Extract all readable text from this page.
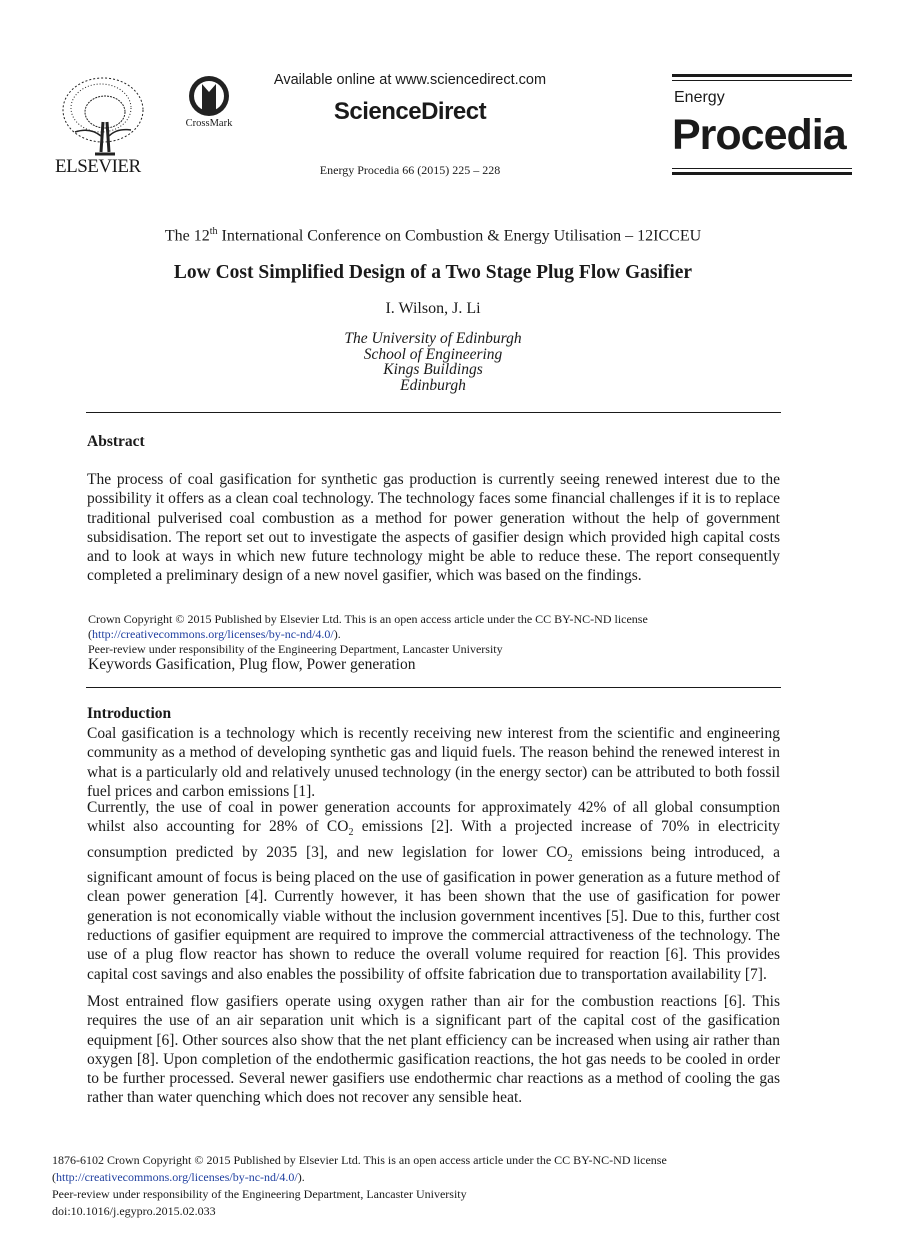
ELSEVIER
CrossMark
Available online at www.sciencedirect.com
ScienceDirect
Energy Procedia 66 (2015) 225 – 228
Energy
Procedia
The 12th International Conference on Combustion & Energy Utilisation – 12ICCEU
Low Cost Simplified Design of a Two Stage Plug Flow Gasifier
I. Wilson, J. Li
The University of Edinburgh
School of Engineering
Kings Buildings
Edinburgh
Abstract

The process of coal gasification for synthetic gas production is currently seeing renewed interest due to the possibility it offers as a clean coal technology. The technology faces some financial challenges if it is to replace traditional pulverised coal combustion as a method for power generation without the help of government subsidisation. The report set out to investigate the aspects of gasifier design which provided high capital costs and to look at ways in which new future technology might be able to reduce these. The report consequently completed a preliminary design of a new novel gasifier, which was based on the findings.

Crown Copyright © 2015 Published by Elsevier Ltd. This is an open access article under the CC BY-NC-ND license
(http://creativecommons.org/licenses/by-nc-nd/4.0/).
Peer-review under responsibility of the Engineering Department, Lancaster University
Keywords Gasification, Plug flow, Power generation
Introduction

Coal gasification is a technology which is recently receiving new interest from the scientific and engineering community as a method of developing synthetic gas and liquid fuels. The reason behind the renewed interest in what is a particularly old and relatively unused technology (in the energy sector) can be attributed to both fossil fuel prices and carbon emissions [1].

Currently, the use of coal in power generation accounts for approximately 42% of all global consumption whilst also accounting for 28% of $CO_2$ emissions [2]. With a projected increase of 70% in electricity consumption predicted by 2035 [3], and new legislation for lower $CO_2$ emissions being introduced, a significant amount of focus is being placed on the use of gasification in power generation as a future method of clean power generation [4]. Currently however, it has been shown that the use of gasification for power generation is not economically viable without the inclusion government incentives [5]. Due to this, further cost reductions of gasifier equipment are required to improve the commercial attractiveness of the technology. The use of a plug flow reactor has shown to reduce the overall volume required for reaction [6]. This provides capital cost savings and also enables the possibility of offsite fabrication due to transportation availability [7].

Most entrained flow gasifiers operate using oxygen rather than air for the combustion reactions [6]. This requires the use of an air separation unit which is a significant part of the capital cost of the gasification equipment [6]. Other sources also show that the net plant efficiency can be increased when using air rather than oxygen [8]. Upon completion of the endothermic gasification reactions, the hot gas needs to be cooled in order to be further processed. Several newer gasifiers use endothermic char reactions as a method of cooling the gas rather than water quenching which does not recover any sensible heat.

1876-6102 Crown Copyright © 2015 Published by Elsevier Ltd. This is an open access article under the CC BY-NC-ND license
(http://creativecommons.org/licenses/by-nc-nd/4.0/).
Peer-review under responsibility of the Engineering Department, Lancaster University
doi:10.1016/j.egypro.2015.02.033
